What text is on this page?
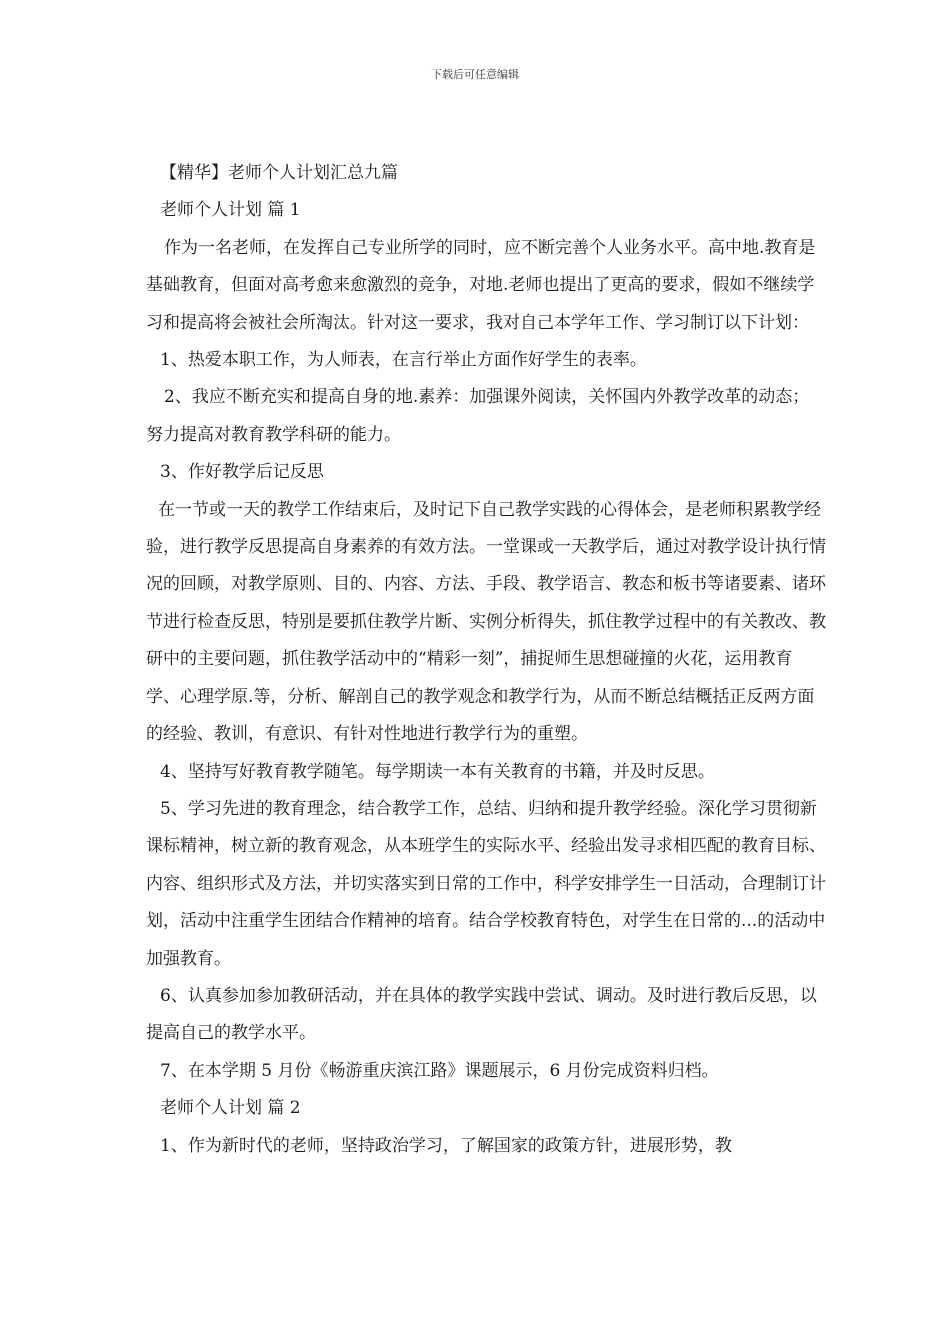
下载后可任意编辑

【精华】老师个人计划汇总九篇

老师个人计划 篇 1

作为一名老师，在发挥自己专业所学的同时，应不断完善个人业务水平。高中地.教育是基础教育，但面对高考愈来愈激烈的竞争，对地.老师也提出了更高的要求，假如不继续学习和提高将会被社会所淘汰。针对这一要求，我对自己本学年工作、学习制订以下计划：

1、热爱本职工作，为人师表，在言行举止方面作好学生的表率。

2、我应不断充实和提高自身的地.素养：加强课外阅读，关怀国内外教学改革的动态；努力提高对教育教学科研的能力。

3、作好教学后记反思

在一节或一天的教学工作结束后，及时记下自己教学实践的心得体会，是老师积累教学经验，进行教学反思提高自身素养的有效方法。一堂课或一天教学后，通过对教学设计执行情况的回顾，对教学原则、目的、内容、方法、手段、教学语言、教态和板书等诸要素、诸环节进行检查反思，特别是要抓住教学片断、实例分析得失，抓住教学过程中的有关教改、教研中的主要问题，抓住教学活动中的“精彩一刻”，捕捉师生思想碰撞的火花，运用教育学、心理学原.等，分析、解剖自己的教学观念和教学行为，从而不断总结概括正反两方面的经验、教训，有意识、有针对性地进行教学行为的重塑。

4、坚持写好教育教学随笔。每学期读一本有关教育的书籍，并及时反思。

5、学习先进的教育理念，结合教学工作，总结、归纳和提升教学经验。深化学习贯彻新课标精神，树立新的教育观念，从本班学生的实际水平、经验出发寻求相匹配的教育目标、内容、组织形式及方法，并切实落实到日常的工作中，科学安排学生一日活动，合理制订计划，活动中注重学生团结合作精神的培育。结合学校教育特色，对学生在日常的...的活动中加强教育。

6、认真参加参加教研活动，并在具体的教学实践中尝试、调动。及时进行教后反思，以提高自己的教学水平。

7、在本学期 5 月份《畅游重庆滨江路》课题展示，6 月份完成资料归档。

老师个人计划 篇 2

1、作为新时代的老师，坚持政治学习，了解国家的政策方针，进展形势，教
